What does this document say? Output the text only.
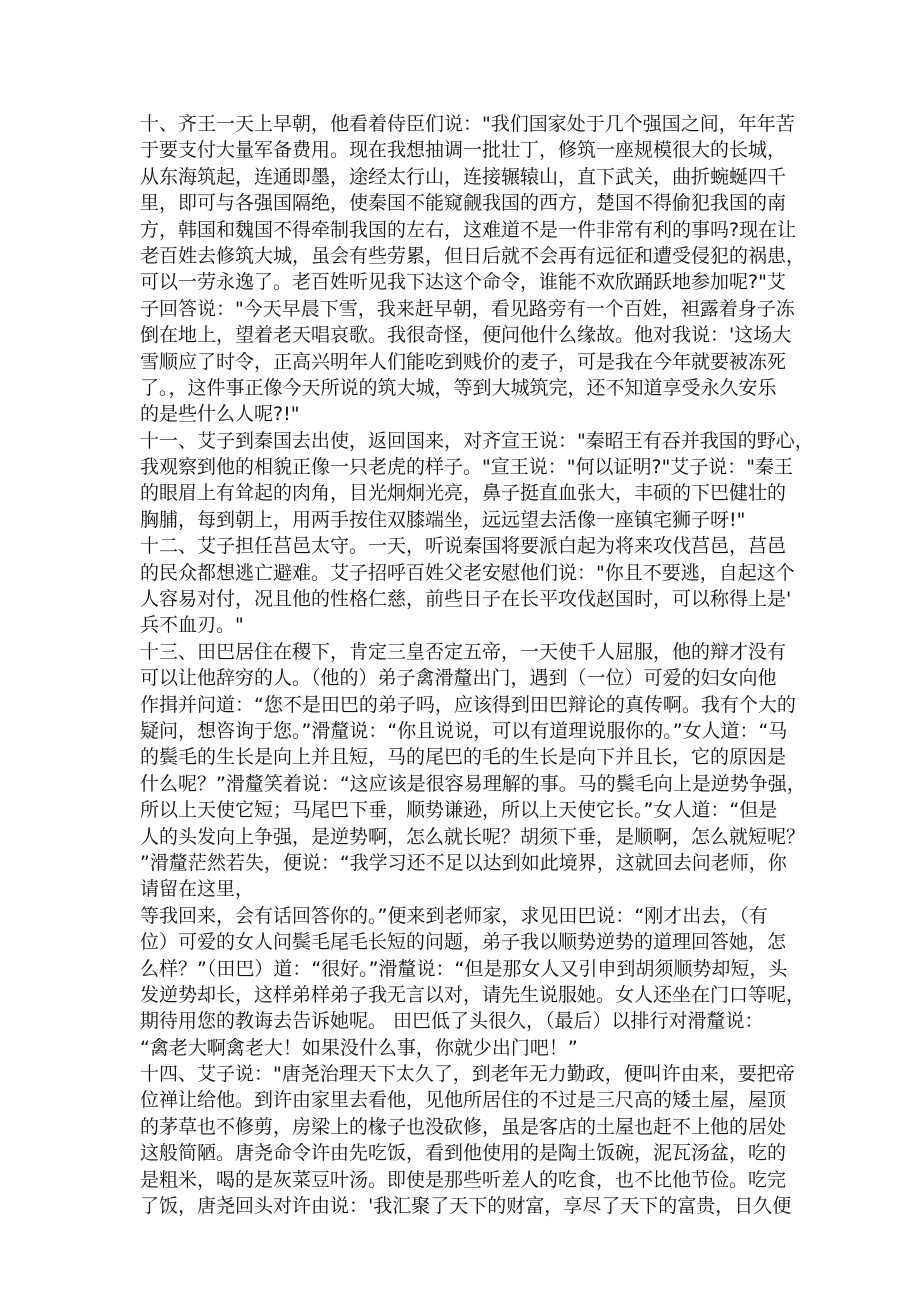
十、齐王一天上早朝，他看着侍臣们说："我们国家处于几个强国之间，年年苦
于要支付大量军备费用。现在我想抽调一批壮丁，修筑一座规模很大的长城，
从东海筑起，连通即墨，途经太行山，连接辗辕山，直下武关，曲折蜿蜒四千
里，即可与各强国隔绝，使秦国不能窥觎我国的西方，楚国不得偷犯我国的南
方，韩国和魏国不得牵制我国的左右，这难道不是一件非常有利的事吗?现在让
老百姓去修筑大城，虽会有些劳累，但日后就不会再有远征和遭受侵犯的祸患，
可以一劳永逸了。老百姓听见我下达这个命令，谁能不欢欣踊跃地参加呢?"艾
子回答说："今天早晨下雪，我来赶早朝，看见路旁有一个百姓，袒露着身子冻
倒在地上，望着老天唱哀歌。我很奇怪，便问他什么缘故。他对我说：'这场大
雪顺应了时令，正高兴明年人们能吃到贱价的麦子，可是我在今年就要被冻死
了。，这件事正像今天所说的筑大城，等到大城筑完，还不知道享受永久安乐
的是些什么人呢?!"
十一、艾子到秦国去出使，返回国来，对齐宣王说："秦昭王有吞并我国的野心，
我观察到他的相貌正像一只老虎的样子。"宣王说："何以证明?"艾子说："秦王
的眼眉上有耸起的肉角，目光炯炯光亮，鼻子挺直血张大，丰硕的下巴健壮的
胸脯，每到朝上，用两手按住双膝端坐，远远望去活像一座镇宅狮子呀!"
十二、艾子担任莒邑太守。一天，听说秦国将要派白起为将来攻伐莒邑，莒邑
的民众都想逃亡避难。艾子招呼百姓父老安慰他们说："你且不要逃，自起这个
人容易对付，况且他的性格仁慈，前些日子在长平攻伐赵国时，可以称得上是'
兵不血刃。"
十三、田巴居住在稷下，肯定三皇否定五帝，一天使千人屈服，他的辩才没有
可以让他辞穷的人。（他的）弟子禽滑釐出门，遇到（一位）可爱的妇女向他
作揖并问道：“您不是田巴的弟子吗，应该得到田巴辩论的真传啊。我有个大的
疑问，想咨询于您。”滑釐说：“你且说说，可以有道理说服你的。”女人道：“马
的鬓毛的生长是向上并且短，马的尾巴的毛的生长是向下并且长，它的原因是
什么呢？”滑釐笑着说：“这应该是很容易理解的事。马的鬓毛向上是逆势争强，
所以上天使它短；马尾巴下垂，顺势谦逊，所以上天使它长。”女人道：“但是
人的头发向上争强，是逆势啊，怎么就长呢？胡须下垂，是顺啊，怎么就短呢？
”滑釐茫然若失，便说：“我学习还不足以达到如此境界，这就回去问老师，你
请留在这里，
等我回来，会有话回答你的。”便来到老师家，求见田巴说：“刚才出去，（有
位）可爱的女人问鬓毛尾毛长短的问题，弟子我以顺势逆势的道理回答她，怎
么样？”（田巴）道：“很好。”滑釐说：“但是那女人又引申到胡须顺势却短，头
发逆势却长，这样弟样弟子我无言以对，请先生说服她。女人还坐在门口等呢，
期待用您的教诲去告诉她呢。 田巴低了头很久，（最后）以排行对滑釐说：
“禽老大啊禽老大！如果没什么事，你就少出门吧！”
十四、艾子说："唐尧治理天下太久了，到老年无力勤政，便叫许由来，要把帝
位禅让给他。到许由家里去看他，见他所居住的不过是三尺高的矮土屋，屋顶
的茅草也不修剪，房梁上的椽子也没砍修，虽是客店的土屋也赶不上他的居处
这般简陋。唐尧命令许由先吃饭，看到他使用的是陶土饭碗，泥瓦汤盆，吃的
是粗米，喝的是灰菜豆叶汤。即使是那些听差人的吃食，也不比他节俭。吃完
了饭，唐尧回头对许由说：'我汇聚了天下的财富，享尽了天下的富贵，日久便
